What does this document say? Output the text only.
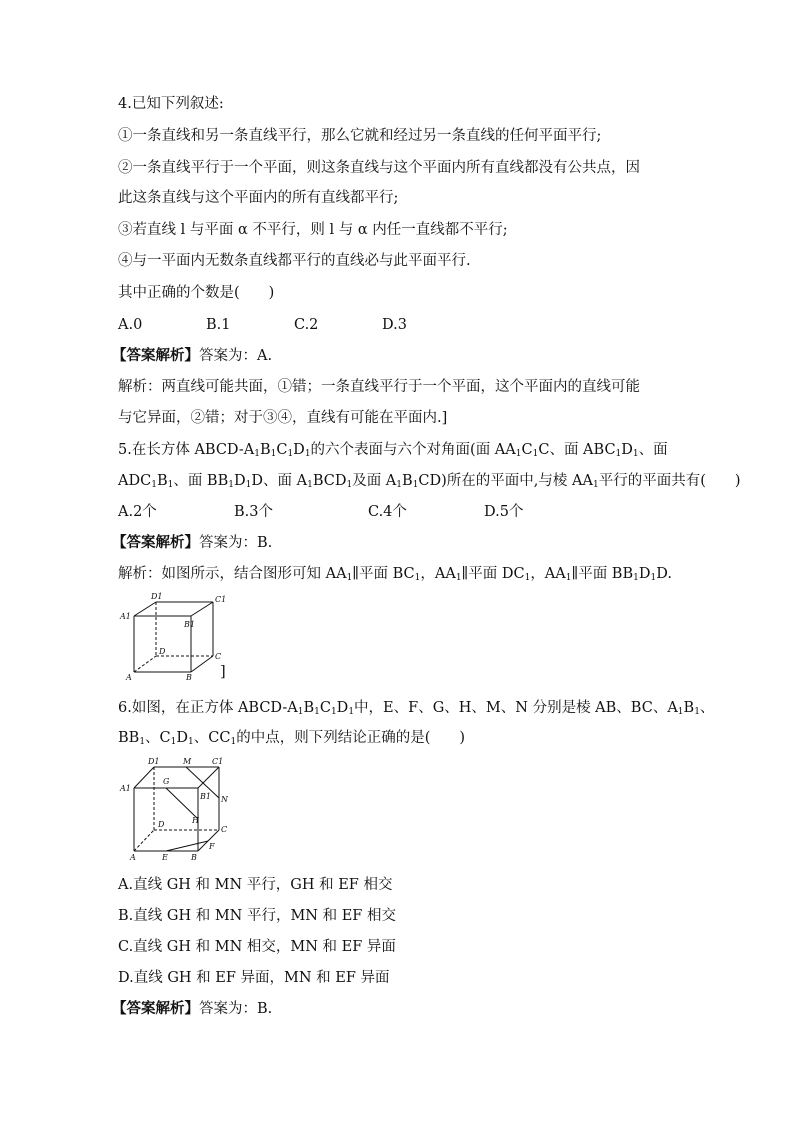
4.已知下列叙述:
①一条直线和另一条直线平行，那么它就和经过另一条直线的任何平面平行;
②一条直线平行于一个平面，则这条直线与这个平面内所有直线都没有公共点，因
此这条直线与这个平面内的所有直线都平行;
③若直线 l 与平面 α 不平行，则 l 与 α 内任一直线都不平行;
④与一平面内无数条直线都平行的直线必与此平面平行.
其中正确的个数是(　　)
A.0	B.1	C.2	D.3
【答案解析】答案为：A.
解析：两直线可能共面，①错；一条直线平行于一个平面，这个平面内的直线可能
与它异面，②错；对于③④，直线有可能在平面内.]
5.在长方体 ABCD-$A_1B_1C_1D_1$的六个表面与六个对角面(面 $AA_1C_1C$、面 $ABC_1D_1$、面
$ADC_1B_1$、面 $BB_1D_1D$、面 $A_1BCD_1$及面 $A_1B_1CD$)所在的平面中,与棱 $AA_1$平行的平面共有(　　)
A.2个	B.3个	C.4个	D.5个
【答案解析】答案为：B.
解析：如图所示，结合图形可知 $AA_1\parallel$平面 $BC_1$，$AA_1\parallel$平面 $DC_1$，$AA_1\parallel$平面 $BB_1D_1D$.
D1	C1
A1
B1
D
C
A	B ]
6.如图，在正方体 ABCD-$A_1B_1C_1D_1$中，E、F、G、H、M、N 分别是棱 AB、BC、$A_1B_1$、
$BB_1$、$C_1D_1$、$CC_1$的中点，则下列结论正确的是(　　)
D1	M	C1
A1
G
B1 N
D	H
C
A	E	B
F
A.直线 GH 和 MN 平行，GH 和 EF 相交
B.直线 GH 和 MN 平行，MN 和 EF 相交
C.直线 GH 和 MN 相交，MN 和 EF 异面
D.直线 GH 和 EF 异面，MN 和 EF 异面
【答案解析】答案为：B.
